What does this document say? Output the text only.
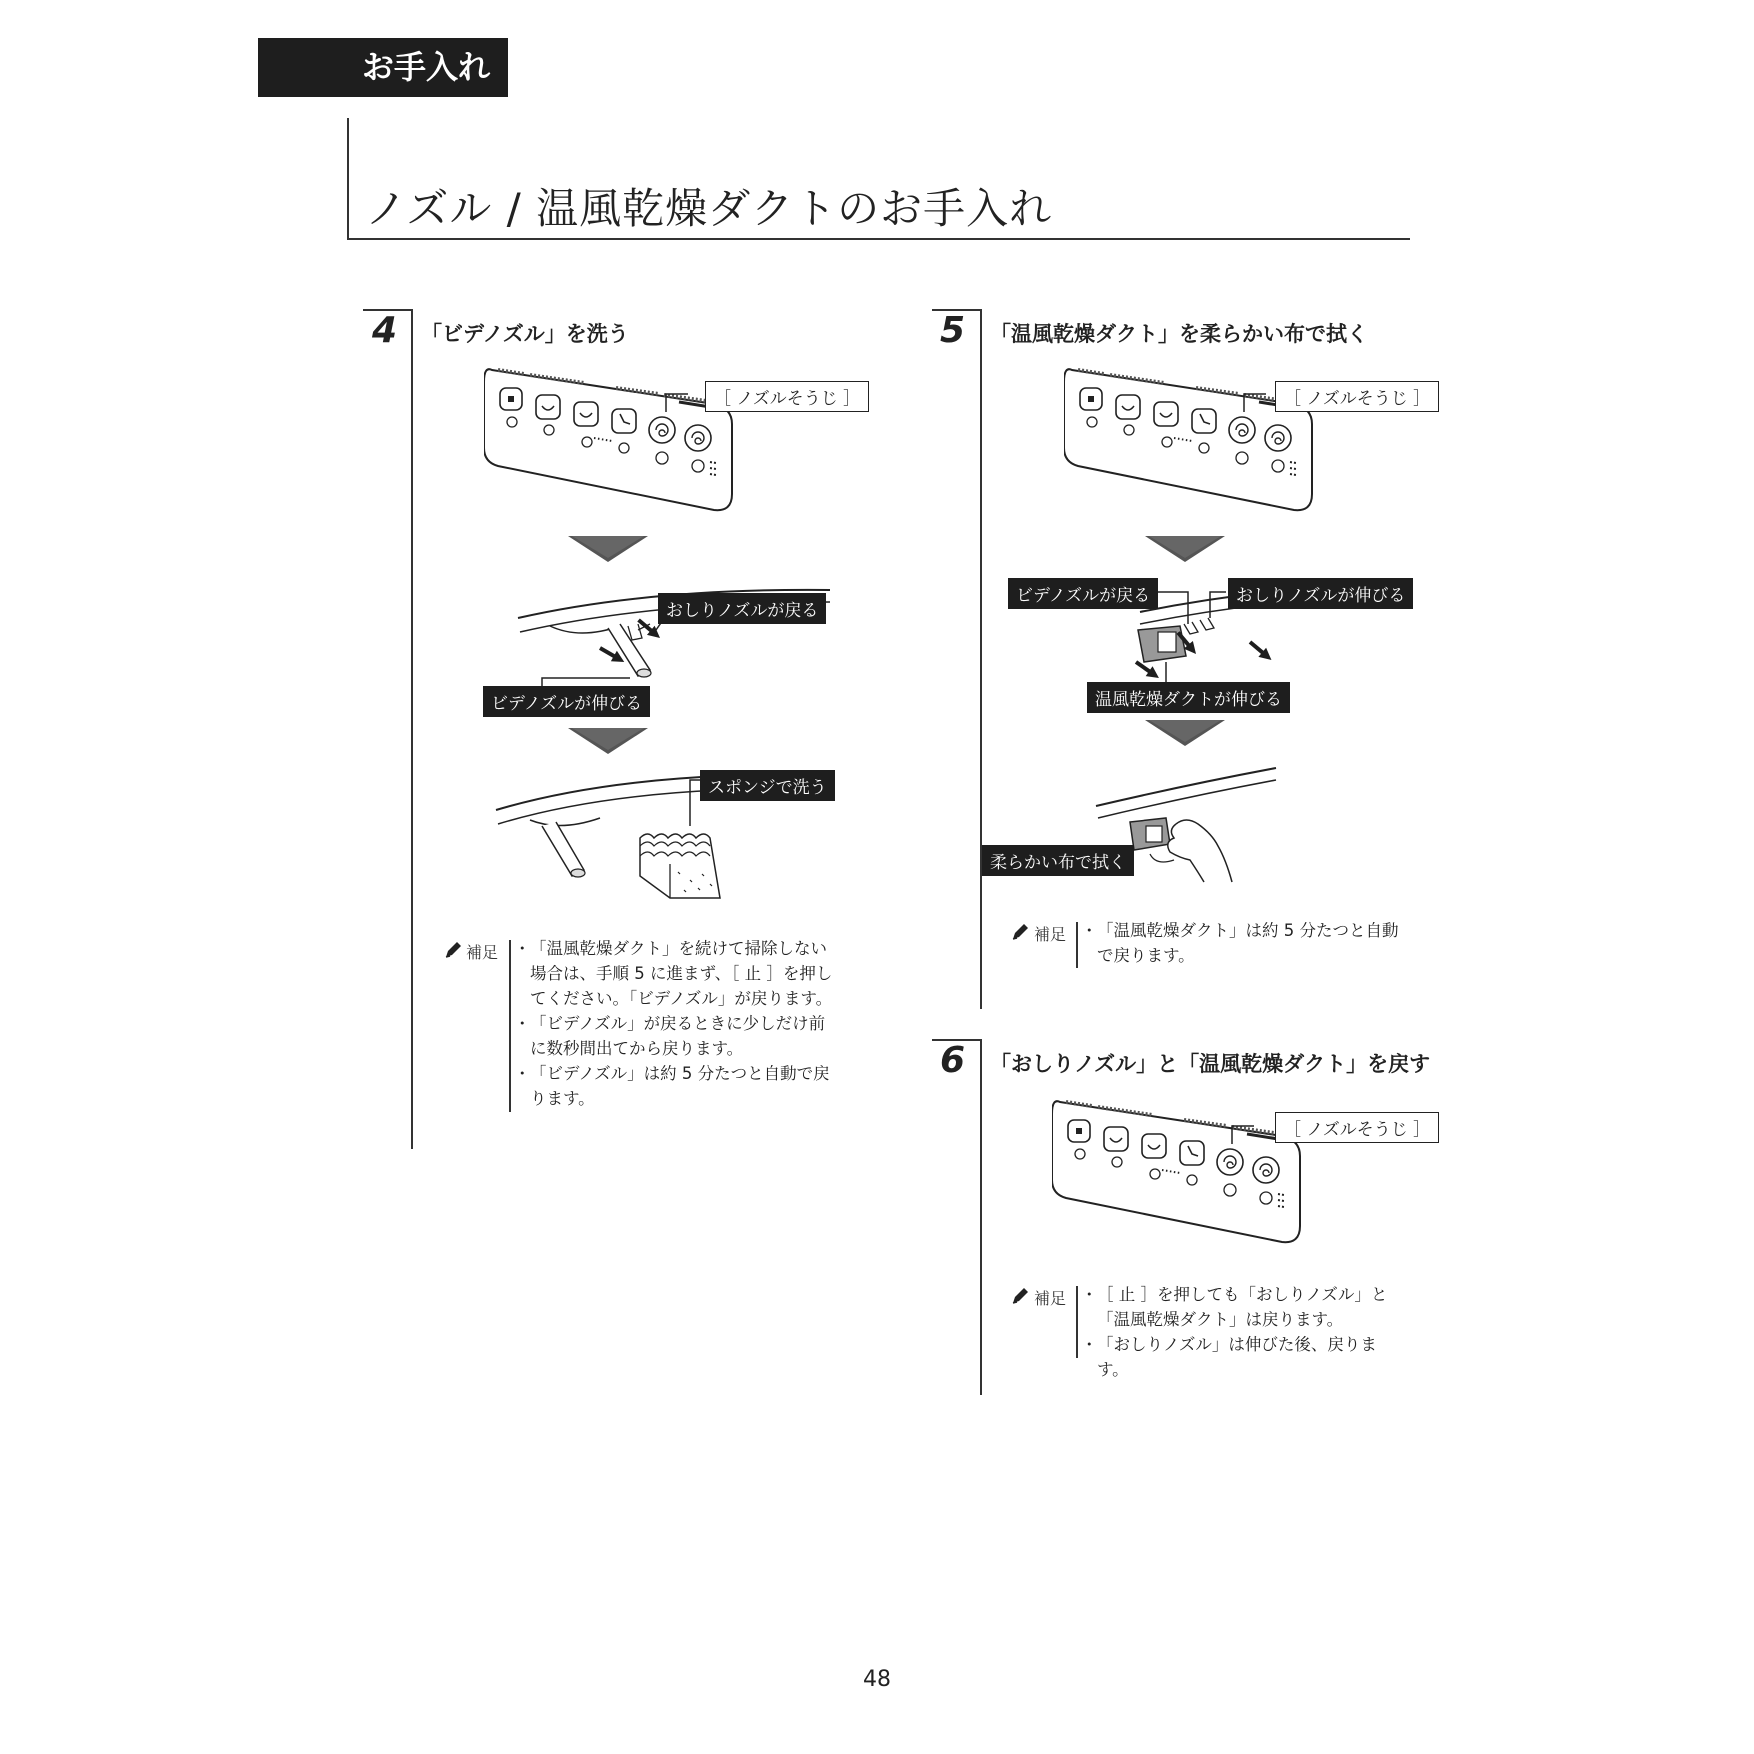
お手入れ
ノズル / 温風乾燥ダクトのお手入れ
4 「ビデノズル」を洗う
［ ノズルそうじ ］
おしりノズルが戻る
ビデノズルが伸びる
スポンジで洗う
補足	・ 「温風乾燥ダクト」を続けて掃除しない場合は、手順 5 に進まず、［ 止 ］を押してください。「ビデノズル」が戻ります。
・ 「ビデノズル」が戻るときに少しだけ前に数秒間出てから戻ります。
・ 「ビデノズル」は約 5 分たつと自動で戻ります。
5 「温風乾燥ダクト」を柔らかい布で拭く
［ ノズルそうじ ］
ビデノズルが戻る	おしりノズルが伸びる
温風乾燥ダクトが伸びる
柔らかい布で拭く
補足	・ 「温風乾燥ダクト」は約 5 分たつと自動で戻ります。
6 「おしりノズル」と「温風乾燥ダクト」を戻す
［ ノズルそうじ ］
補足	・ ［ 止 ］を押しても「おしりノズル」と「温風乾燥ダクト」は戻ります。
・ 「おしりノズル」は伸びた後、戻ります。
48
